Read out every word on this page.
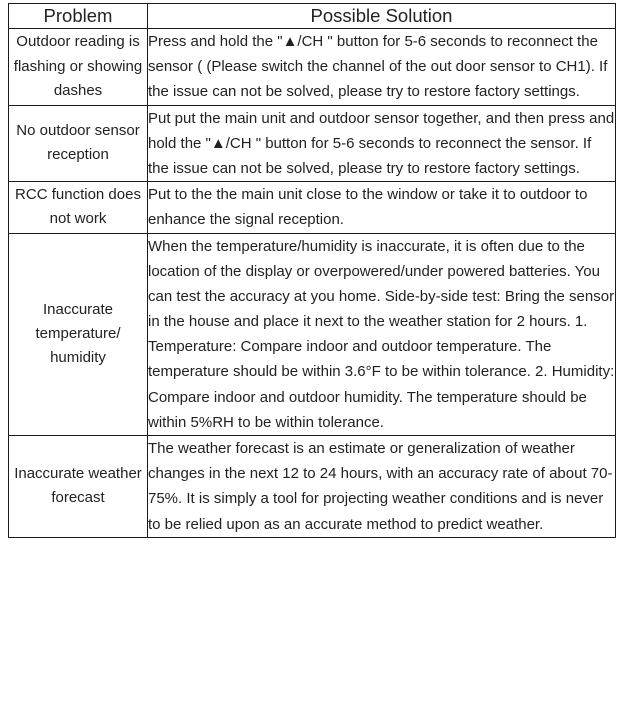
Problem	Possible Solution
Outdoor reading is flashing or showing dashes	Press and hold the "▲/CH " button for 5-6 seconds to reconnect the sensor ( (Please switch the channel of the out door sensor to CH1). If the issue can not be solved, please try to restore factory settings.
No outdoor sensor reception	Put put the main unit and outdoor sensor together, and then press and hold the "▲/CH " button for 5-6 seconds to reconnect the sensor. If the issue can not be solved, please try to restore factory settings.
RCC function does not work	Put to the the main unit close to the window or take it to outdoor to enhance the signal reception.
Inaccurate temperature/ humidity	When the temperature/humidity is inaccurate, it is often due to the location of the display or overpowered/under powered batteries. You can test the accuracy at you home. Side-by-side test: Bring the sensor in the house and place it next to the weather station for 2 hours. 1. Temperature: Compare indoor and outdoor temperature. The temperature should be within 3.6°F to be within tolerance. 2. Humidity: Compare indoor and outdoor humidity. The temperature should be within 5%RH to be within tolerance.
Inaccurate weather forecast	The weather forecast is an estimate or generalization of weather changes in the next 12 to 24 hours, with an accuracy rate of about 70-75%. It is simply a tool for projecting weather conditions and is never to be relied upon as an accurate method to predict weather.
